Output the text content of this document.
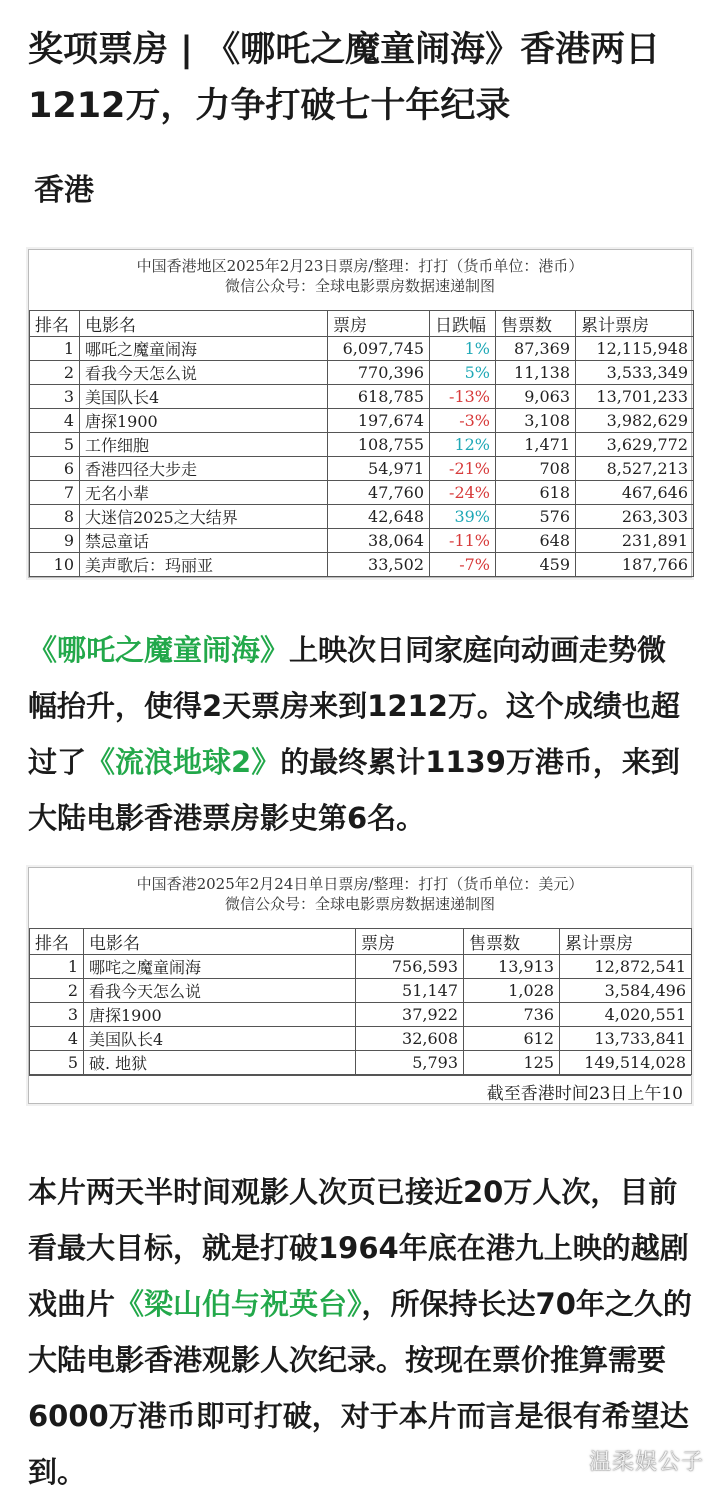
奖项票房 | 《哪吒之魔童闹海》香港两日1212万，力争打破七十年纪录
香港
中国香港地区2025年2月23日票房/整理：打打（货币单位：港币）
微信公众号：全球电影票房数据速递制图
排名	电影名	票房	日跌幅	售票数	累计票房
1	哪吒之魔童闹海	6,097,745	1%	87,369	12,115,948
2	看我今天怎么说	770,396	5%	11,138	3,533,349
3	美国队长4	618,785	-13%	9,063	13,701,233
4	唐探1900	197,674	-3%	3,108	3,982,629
5	工作细胞	108,755	12%	1,471	3,629,772
6	香港四径大步走	54,971	-21%	708	8,527,213
7	无名小辈	47,760	-24%	618	467,646
8	大迷信2025之大结界	42,648	39%	576	263,303
9	禁忌童话	38,064	-11%	648	231,891
10	美声歌后：玛丽亚	33,502	-7%	459	187,766
《哪吒之魔童闹海》上映次日同家庭向动画走势微幅抬升，使得2天票房来到1212万。这个成绩也超过了《流浪地球2》的最终累计1139万港币，来到大陆电影香港票房影史第6名。
中国香港2025年2月24日单日票房/整理：打打（货币单位：美元）
微信公众号：全球电影票房数据速递制图
排名	电影名	票房	售票数	累计票房
1	哪咤之魔童闹海	756,593	13,913	12,872,541
2	看我今天怎么说	51,147	1,028	3,584,496
3	唐探1900	37,922	736	4,020,551
4	美国队长4	32,608	612	13,733,841
5	破. 地狱	5,793	125	149,514,028
截至香港时间23日上午10
本片两天半时间观影人次页已接近20万人次，目前看最大目标，就是打破1964年底在港九上映的越剧戏曲片《梁山伯与祝英台》，所保持长达70年之久的大陆电影香港观影人次纪录。按现在票价推算需要6000万港币即可打破，对于本片而言是很有希望达到。	温柔娱公子
